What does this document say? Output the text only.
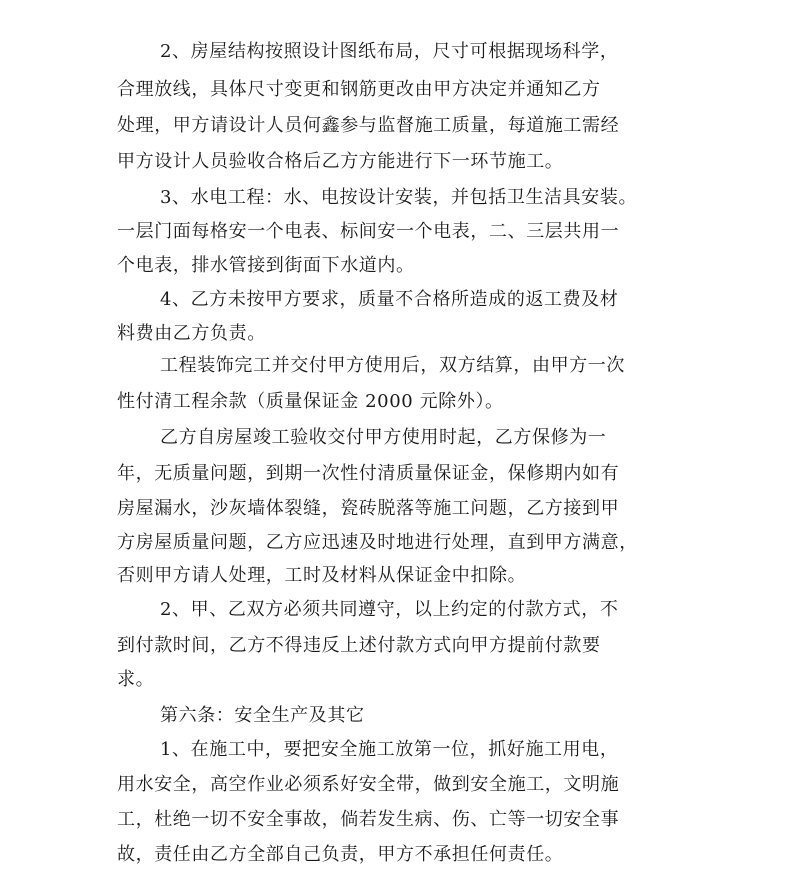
2、房屋结构按照设计图纸布局，尺寸可根据现场科学，
合理放线，具体尺寸变更和钢筋更改由甲方决定并通知乙方
处理，甲方请设计人员何鑫参与监督施工质量，每道施工需经
甲方设计人员验收合格后乙方方能进行下一环节施工。
3、水电工程：水、电按设计安装，并包括卫生洁具安装。
一层门面每格安一个电表、标间安一个电表，二、三层共用一
个电表，排水管接到街面下水道内。
4、乙方未按甲方要求，质量不合格所造成的返工费及材
料费由乙方负责。
工程装饰完工并交付甲方使用后，双方结算，由甲方一次
性付清工程余款（质量保证金 2000 元除外）。
乙方自房屋竣工验收交付甲方使用时起，乙方保修为一
年，无质量问题，到期一次性付清质量保证金，保修期内如有
房屋漏水，沙灰墙体裂缝，瓷砖脱落等施工问题，乙方接到甲
方房屋质量问题，乙方应迅速及时地进行处理，直到甲方满意，
否则甲方请人处理，工时及材料从保证金中扣除。
2、甲、乙双方必须共同遵守，以上约定的付款方式，不
到付款时间，乙方不得违反上述付款方式向甲方提前付款要
求。
第六条：安全生产及其它
1、在施工中，要把安全施工放第一位，抓好施工用电，
用水安全，高空作业必须系好安全带，做到安全施工，文明施
工，杜绝一切不安全事故，倘若发生病、伤、亡等一切安全事
故，责任由乙方全部自己负责，甲方不承担任何责任。
